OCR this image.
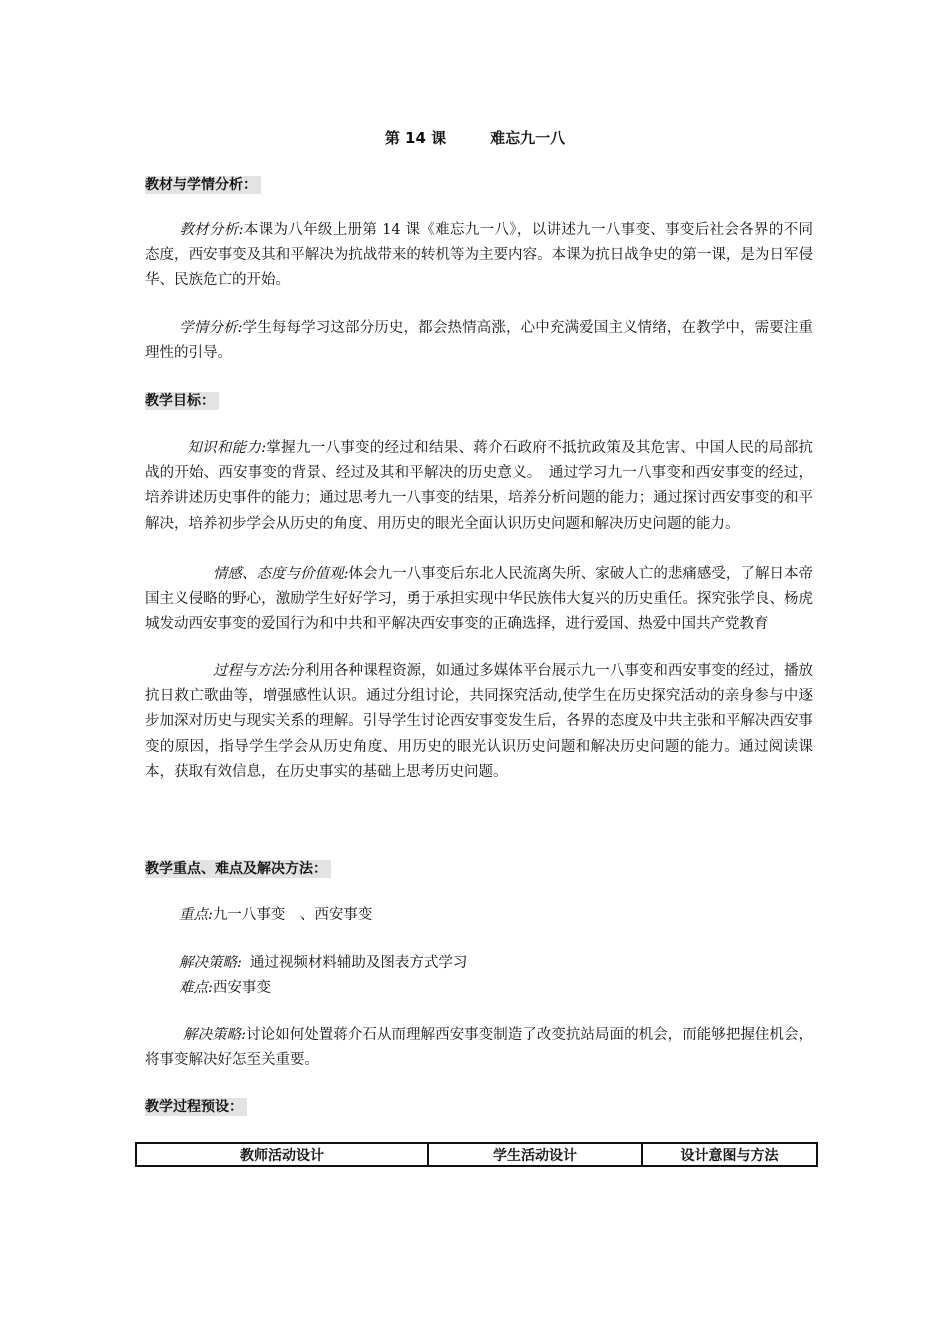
第 14 课	难忘九一八
教材与学情分析：
教材分析:本课为八年级上册第 14 课《难忘九一八》，以讲述九一八事变、事变后社会各界的不同态度，西安事变及其和平解决为抗战带来的转机等为主要内容。本课为抗日战争史的第一课，是为日军侵华、民族危亡的开始。
学情分析:学生每每学习这部分历史，都会热情高涨，心中充满爱国主义情绪，在教学中，需要注重理性的引导。
教学目标：
知识和能力:掌握九一八事变的经过和结果、蒋介石政府不抵抗政策及其危害、中国人民的局部抗战的开始、西安事变的背景、经过及其和平解决的历史意义。　通过学习九一八事变和西安事变的经过，培养讲述历史事件的能力；通过思考九一八事变的结果，培养分析问题的能力；通过探讨西安事变的和平解决，培养初步学会从历史的角度、用历史的眼光全面认识历史问题和解决历史问题的能力。
情感、态度与价值观:体会九一八事变后东北人民流离失所、家破人亡的悲痛感受，了解日本帝国主义侵略的野心，激励学生好好学习，勇于承担实现中华民族伟大复兴的历史重任。探究张学良、杨虎城发动西安事变的爱国行为和中共和平解决西安事变的正确选择，进行爱国、热爱中国共产党教育
过程与方法:分利用各种课程资源，如通过多媒体平台展示九一八事变和西安事变的经过，播放抗日救亡歌曲等，增强感性认识。通过分组讨论，共同探究活动,使学生在历史探究活动的亲身参与中逐步加深对历史与现实关系的理解。引导学生讨论西安事变发生后，各界的态度及中共主张和平解决西安事变的原因，指导学生学会从历史角度、用历史的眼光认识历史问题和解决历史问题的能力。通过阅读课本，获取有效信息，在历史事实的基础上思考历史问题。
教学重点、难点及解决方法：
重点:九一八事变　、西安事变
解决策略: 通过视频材料辅助及图表方式学习
难点:西安事变
解决策略:讨论如何处置蒋介石从而理解西安事变制造了改变抗站局面的机会，而能够把握住机会，将事变解决好怎至关重要。
教学过程预设：
教师活动设计	学生活动设计	设计意图与方法
